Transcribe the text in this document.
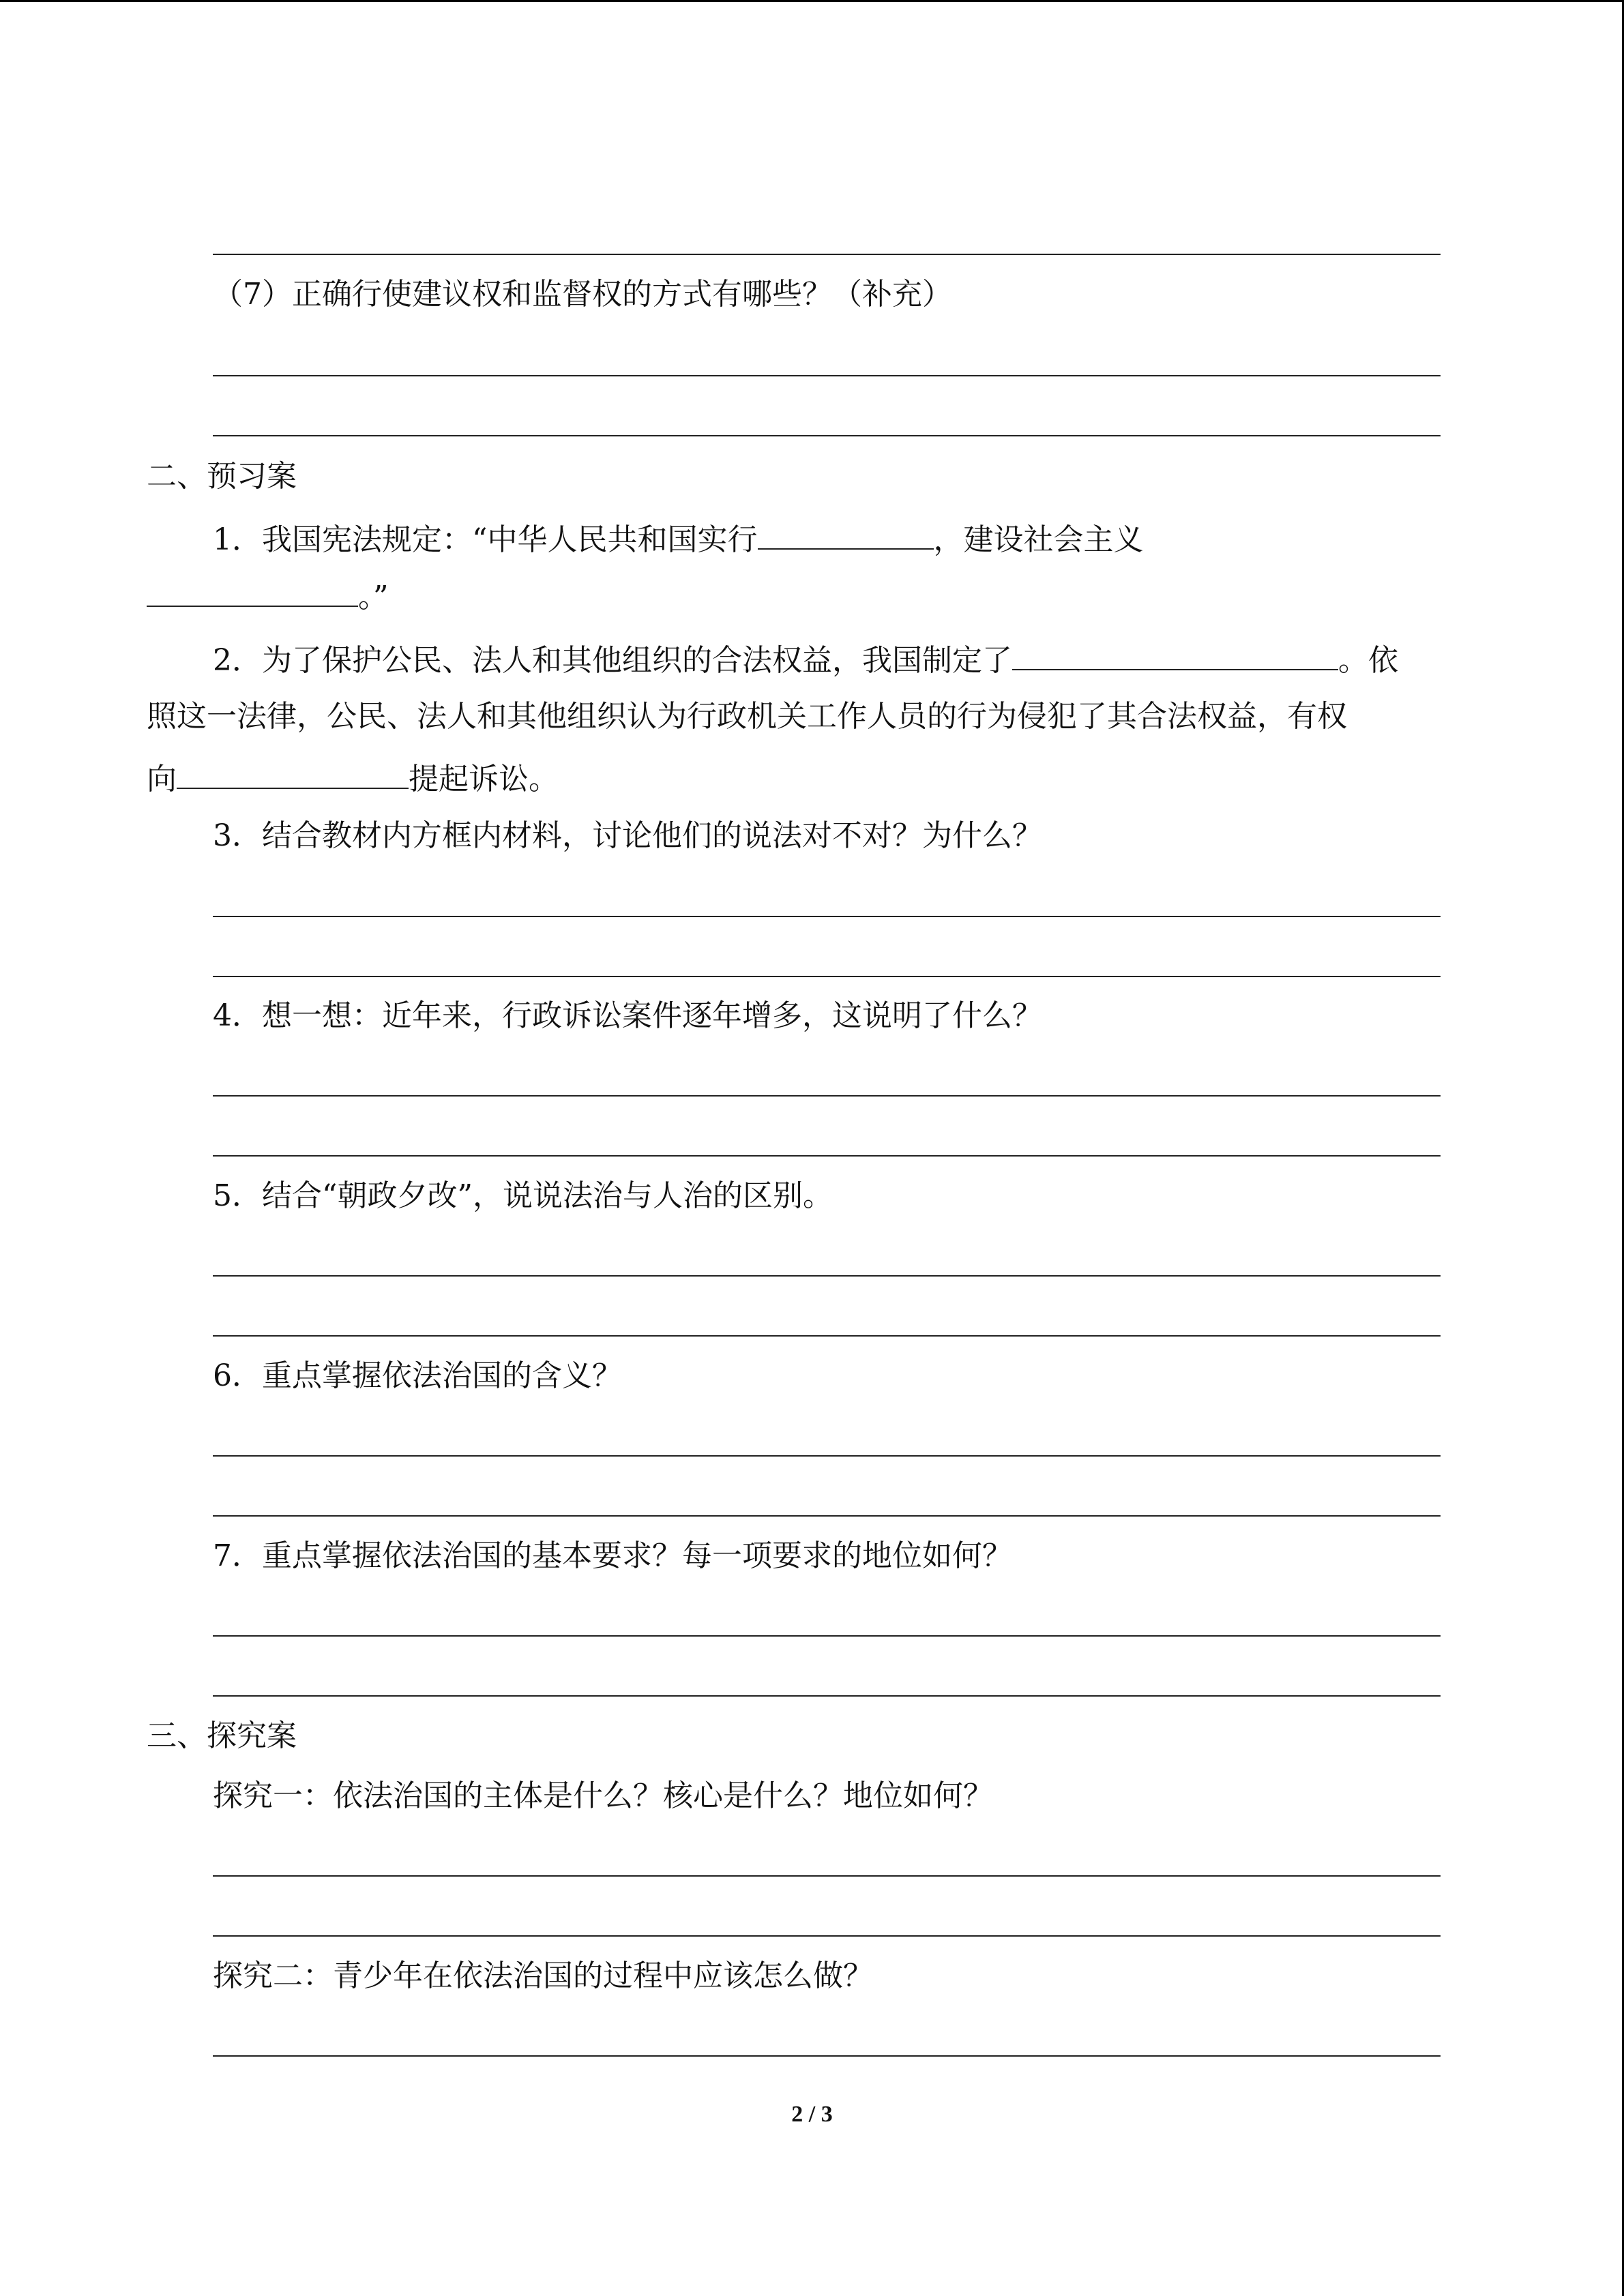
（7）正确行使建议权和监督权的方式有哪些？（补充）
二、预习案
1．我国宪法规定：“中华人民共和国实行	，建设社会主义
。”
2．为了保护公民、法人和其他组织的合法权益，我国制定了	。依
照这一法律，公民、法人和其他组织认为行政机关工作人员的行为侵犯了其合法权益，有权
向	提起诉讼。
3．结合教材内方框内材料，讨论他们的说法对不对？为什么？
4．想一想：近年来，行政诉讼案件逐年增多，这说明了什么？
5．结合“朝政夕改”，说说法治与人治的区别。
6．重点掌握依法治国的含义？
7．重点掌握依法治国的基本要求？每一项要求的地位如何？
三、探究案
探究一：依法治国的主体是什么？核心是什么？地位如何？
探究二：青少年在依法治国的过程中应该怎么做？
2 / 3
